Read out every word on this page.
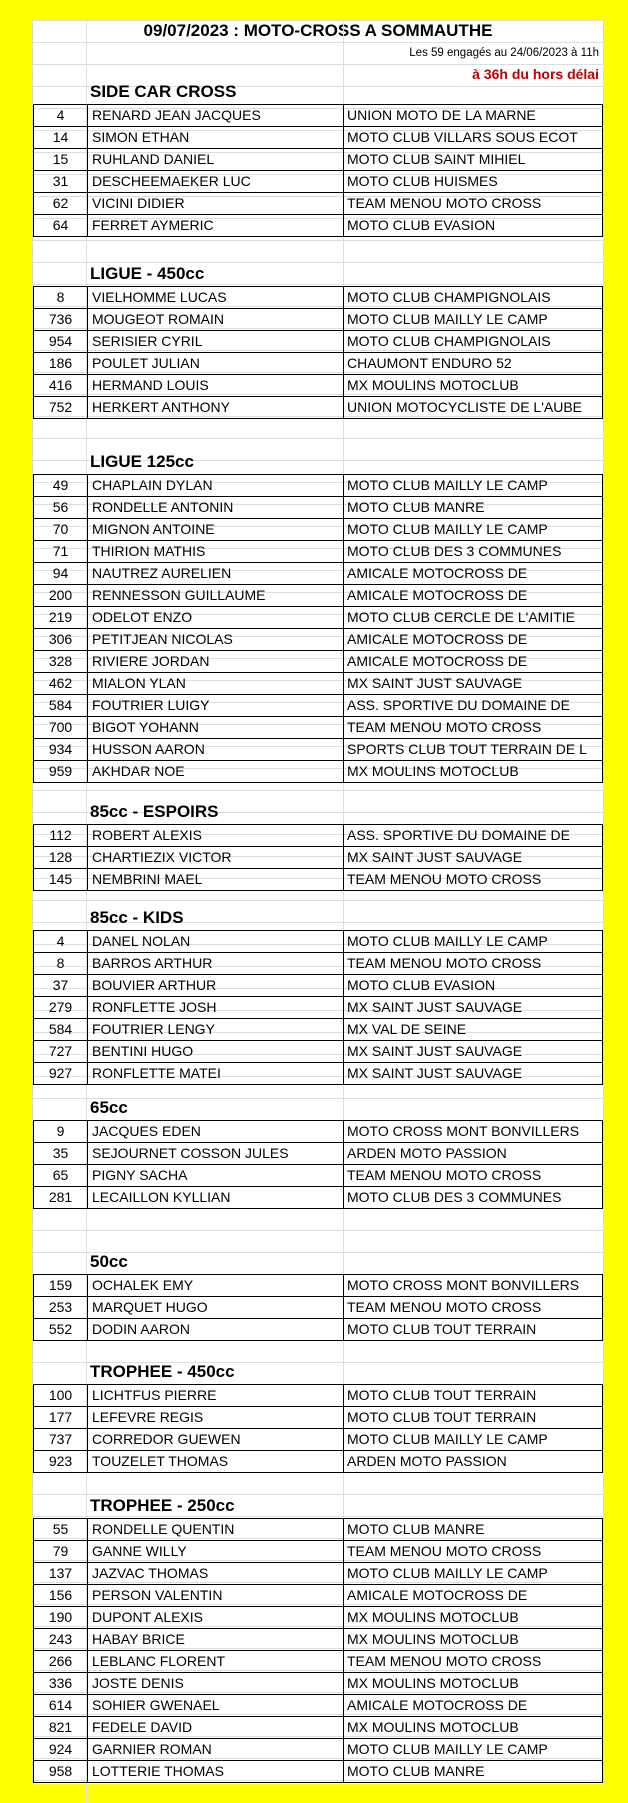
09/07/2023 : MOTO-CROSS A SOMMAUTHE
Les 59 engagés au 24/06/2023 à 11h
à 36h du hors délai
SIDE CAR CROSS
4	RENARD JEAN JACQUES	UNION MOTO DE LA MARNE
14	SIMON ETHAN	MOTO CLUB VILLARS SOUS ECOT
15	RUHLAND DANIEL	MOTO CLUB SAINT MIHIEL
31	DESCHEEMAEKER LUC	MOTO CLUB HUISMES
62	VICINI DIDIER	TEAM MENOU MOTO CROSS
64	FERRET AYMERIC	MOTO CLUB EVASION
LIGUE - 450cc
8	VIELHOMME LUCAS	MOTO CLUB CHAMPIGNOLAIS
736	MOUGEOT ROMAIN	MOTO CLUB MAILLY LE CAMP
954	SERISIER CYRIL	MOTO CLUB CHAMPIGNOLAIS
186	POULET JULIAN	CHAUMONT ENDURO 52
416	HERMAND LOUIS	MX MOULINS MOTOCLUB
752	HERKERT ANTHONY	UNION MOTOCYCLISTE DE L'AUBE
LIGUE 125cc
49	CHAPLAIN DYLAN	MOTO CLUB MAILLY LE CAMP
56	RONDELLE ANTONIN	MOTO CLUB MANRE
70	MIGNON ANTOINE	MOTO CLUB MAILLY LE CAMP
71	THIRION MATHIS	MOTO CLUB DES 3 COMMUNES
94	NAUTREZ AURELIEN	AMICALE MOTOCROSS DE
200	RENNESSON GUILLAUME	AMICALE MOTOCROSS DE
219	ODELOT ENZO	MOTO CLUB CERCLE DE L'AMITIE
306	PETITJEAN NICOLAS	AMICALE MOTOCROSS DE
328	RIVIERE JORDAN	AMICALE MOTOCROSS DE
462	MIALON YLAN	MX SAINT JUST SAUVAGE
584	FOUTRIER LUIGY	ASS. SPORTIVE DU DOMAINE DE
700	BIGOT YOHANN	TEAM MENOU MOTO CROSS
934	HUSSON AARON	SPORTS CLUB TOUT TERRAIN DE L
959	AKHDAR NOE	MX MOULINS MOTOCLUB
85cc - ESPOIRS
112	ROBERT ALEXIS	ASS. SPORTIVE DU DOMAINE DE
128	CHARTIEZIX VICTOR	MX SAINT JUST SAUVAGE
145	NEMBRINI MAEL	TEAM MENOU MOTO CROSS
85cc - KIDS
4	DANEL NOLAN	MOTO CLUB MAILLY LE CAMP
8	BARROS ARTHUR	TEAM MENOU MOTO CROSS
37	BOUVIER ARTHUR	MOTO CLUB EVASION
279	RONFLETTE JOSH	MX SAINT JUST SAUVAGE
584	FOUTRIER LENGY	MX VAL DE SEINE
727	BENTINI HUGO	MX SAINT JUST SAUVAGE
927	RONFLETTE MATEI	MX SAINT JUST SAUVAGE
65cc
9	JACQUES EDEN	MOTO CROSS MONT BONVILLERS
35	SEJOURNET COSSON JULES	ARDEN MOTO PASSION
65	PIGNY SACHA	TEAM MENOU MOTO CROSS
281	LECAILLON KYLLIAN	MOTO CLUB DES 3 COMMUNES
50cc
159	OCHALEK EMY	MOTO CROSS MONT BONVILLERS
253	MARQUET HUGO	TEAM MENOU MOTO CROSS
552	DODIN AARON	MOTO CLUB TOUT TERRAIN
TROPHEE - 450cc
100	LICHTFUS PIERRE	MOTO CLUB TOUT TERRAIN
177	LEFEVRE REGIS	MOTO CLUB TOUT TERRAIN
737	CORREDOR GUEWEN	MOTO CLUB MAILLY LE CAMP
923	TOUZELET THOMAS	ARDEN MOTO PASSION
TROPHEE - 250cc
55	RONDELLE QUENTIN	MOTO CLUB MANRE
79	GANNE WILLY	TEAM MENOU MOTO CROSS
137	JAZVAC THOMAS	MOTO CLUB MAILLY LE CAMP
156	PERSON VALENTIN	AMICALE MOTOCROSS DE
190	DUPONT ALEXIS	MX MOULINS MOTOCLUB
243	HABAY BRICE	MX MOULINS MOTOCLUB
266	LEBLANC FLORENT	TEAM MENOU MOTO CROSS
336	JOSTE DENIS	MX MOULINS MOTOCLUB
614	SOHIER GWENAEL	AMICALE MOTOCROSS DE
821	FEDELE DAVID	MX MOULINS MOTOCLUB
924	GARNIER ROMAN	MOTO CLUB MAILLY LE CAMP
958	LOTTERIE THOMAS	MOTO CLUB MANRE
